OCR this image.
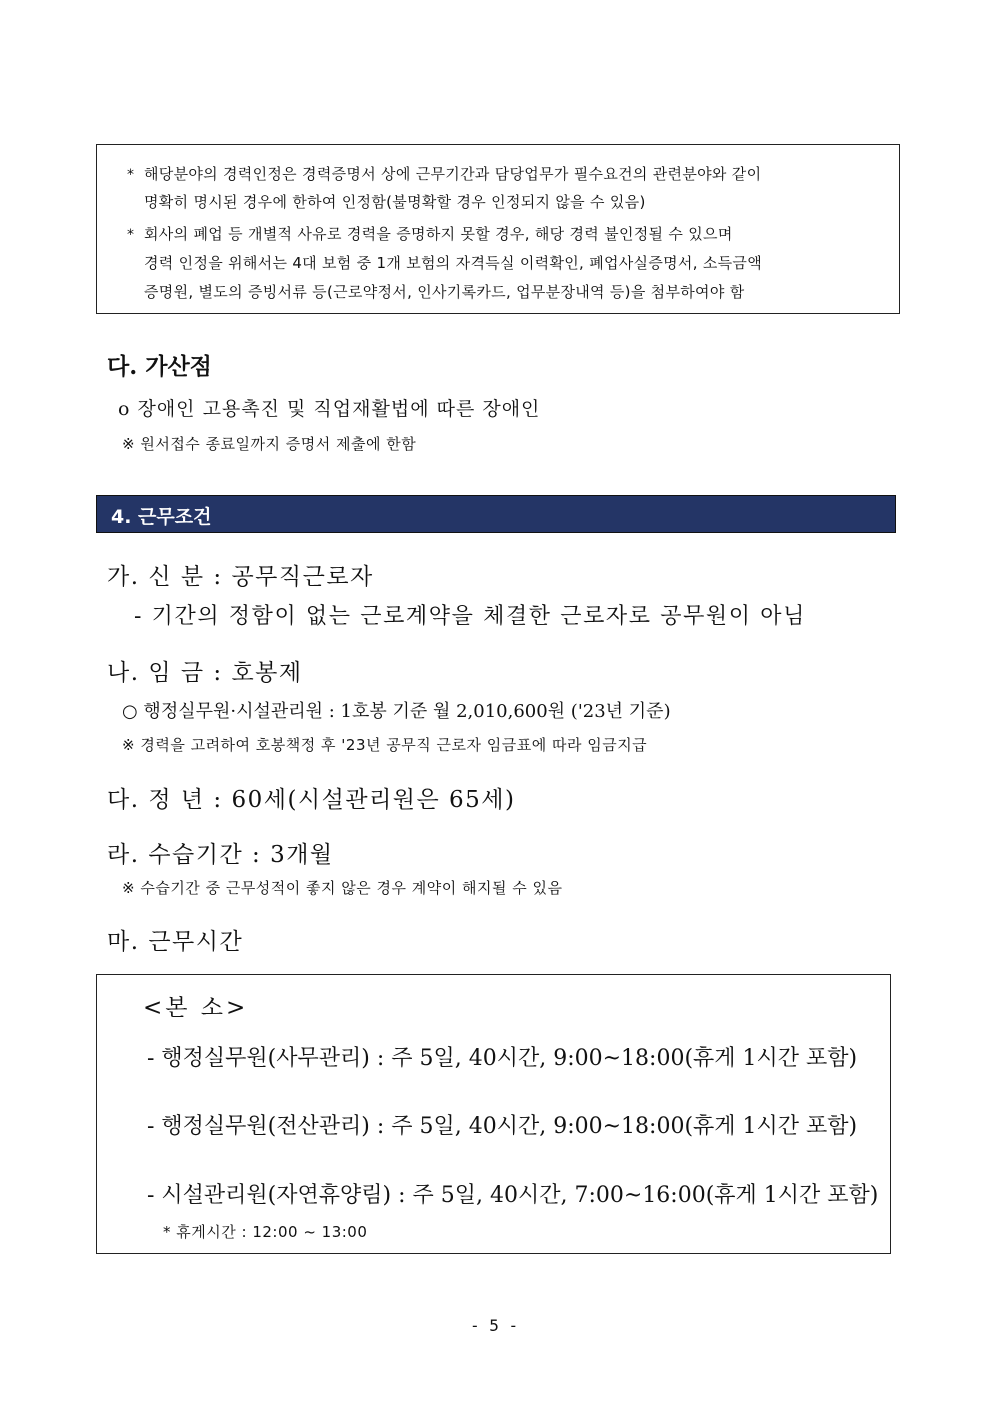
* 해당분야의 경력인정은 경력증명서 상에 근무기간과 담당업무가 필수요건의 관련분야와 같이
명확히 명시된 경우에 한하여 인정함(불명확할 경우 인정되지 않을 수 있음)
* 회사의 폐업 등 개별적 사유로 경력을 증명하지 못할 경우, 해당 경력 불인정될 수 있으며
경력 인정을 위해서는 4대 보험 중 1개 보험의 자격득실 이력확인, 폐업사실증명서, 소득금액
증명원, 별도의 증빙서류 등(근로약정서, 인사기록카드, 업무분장내역 등)을 첨부하여야 함
다. 가산점
o 장애인 고용촉진 및 직업재활법에 따른 장애인
※ 원서접수 종료일까지 증명서 제출에 한함
4. 근무조건
가. 신 분 : 공무직근로자
- 기간의 정함이 없는 근로계약을 체결한 근로자로 공무원이 아님
나. 임 금 : 호봉제
○ 행정실무원·시설관리원 : 1호봉 기준 월 2,010,600원 ('23년 기준)
※ 경력을 고려하여 호봉책정 후 '23년 공무직 근로자 임금표에 따라 임금지급
다. 정 년 : 60세(시설관리원은 65세)
라. 수습기간 : 3개월
※ 수습기간 중 근무성적이 좋지 않은 경우 계약이 해지될 수 있음
마. 근무시간
<본 소>
- 행정실무원(사무관리) : 주 5일, 40시간, 9:00~18:00(휴게 1시간 포함)
- 행정실무원(전산관리) : 주 5일, 40시간, 9:00~18:00(휴게 1시간 포함)
- 시설관리원(자연휴양림) : 주 5일, 40시간, 7:00~16:00(휴게 1시간 포함)
* 휴게시간 : 12:00 ~ 13:00
- 5 -
